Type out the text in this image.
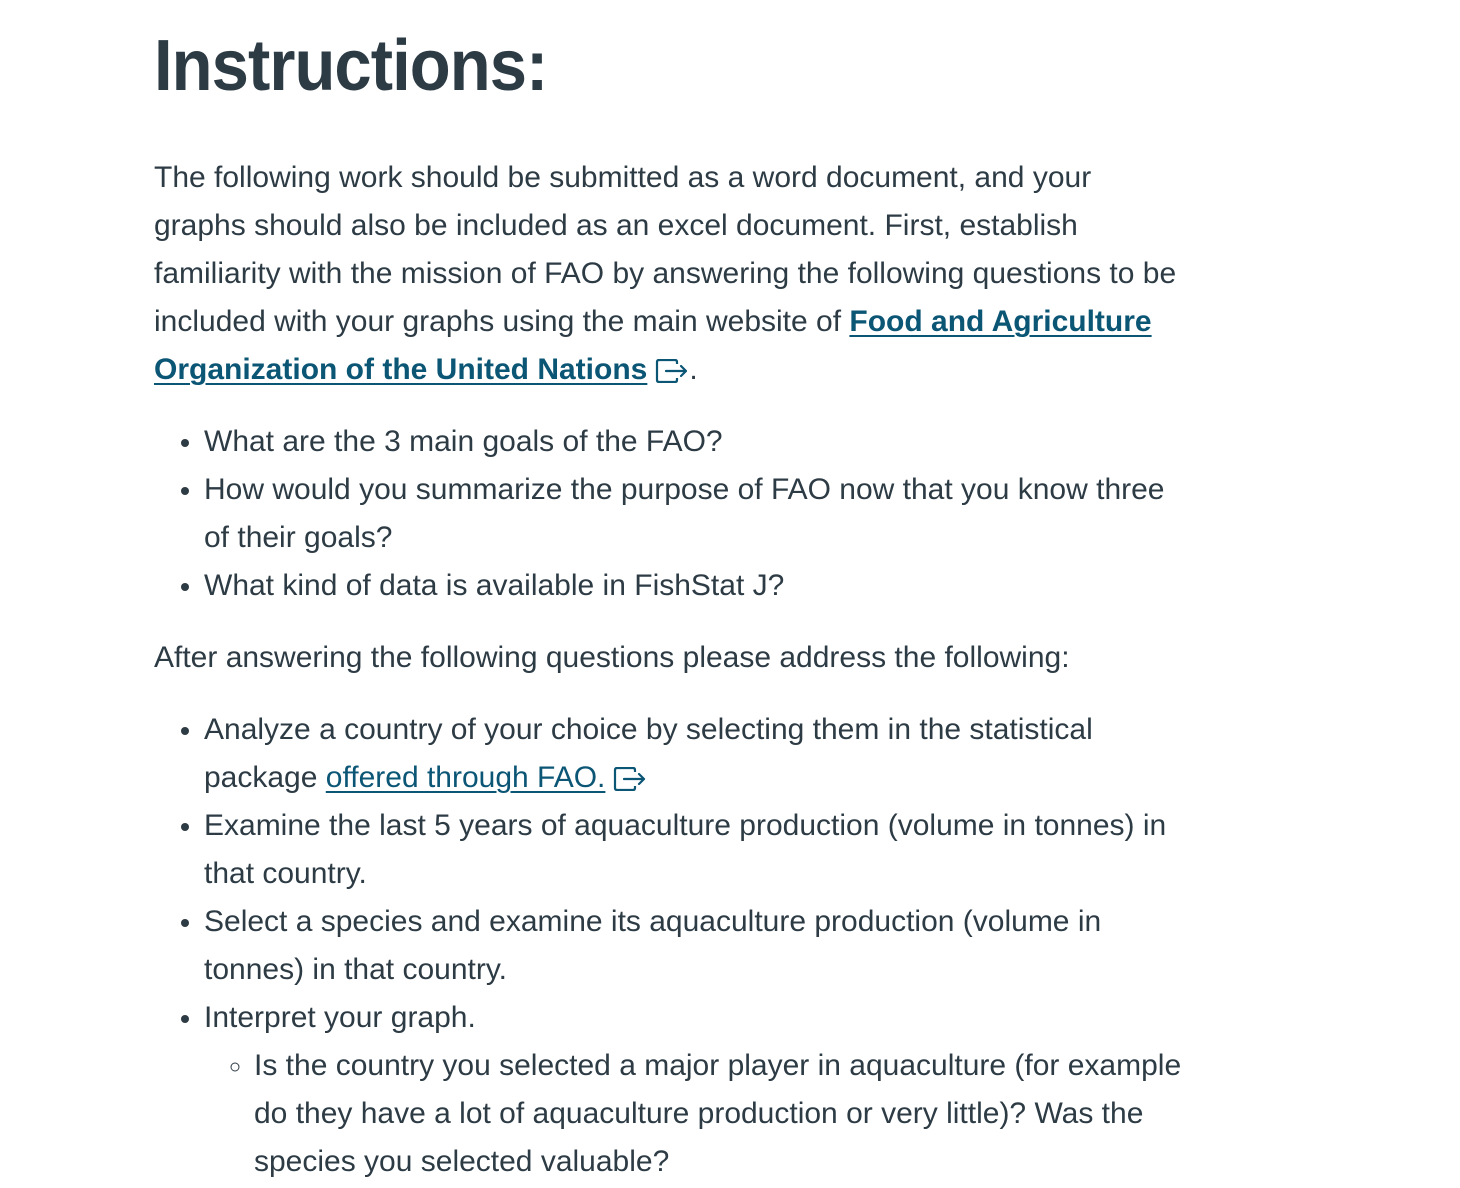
Instructions:

The following work should be submitted as a word document, and your graphs should also be included as an excel document. First, establish familiarity with the mission of FAO by answering the following questions to be included with your graphs using the main website of Food and Agriculture Organization of the United Nations .

• What are the 3 main goals of the FAO?
• How would you summarize the purpose of FAO now that you know three of their goals?
• What kind of data is available in FishStat J?

After answering the following questions please address the following:

• Analyze a country of your choice by selecting them in the statistical package offered through FAO.
• Examine the last 5 years of aquaculture production (volume in tonnes) in that country.
• Select a species and examine its aquaculture production (volume in tonnes) in that country.
• Interpret your graph.
◦ Is the country you selected a major player in aquaculture (for example do they have a lot of aquaculture production or very little)? Was the species you selected valuable?
